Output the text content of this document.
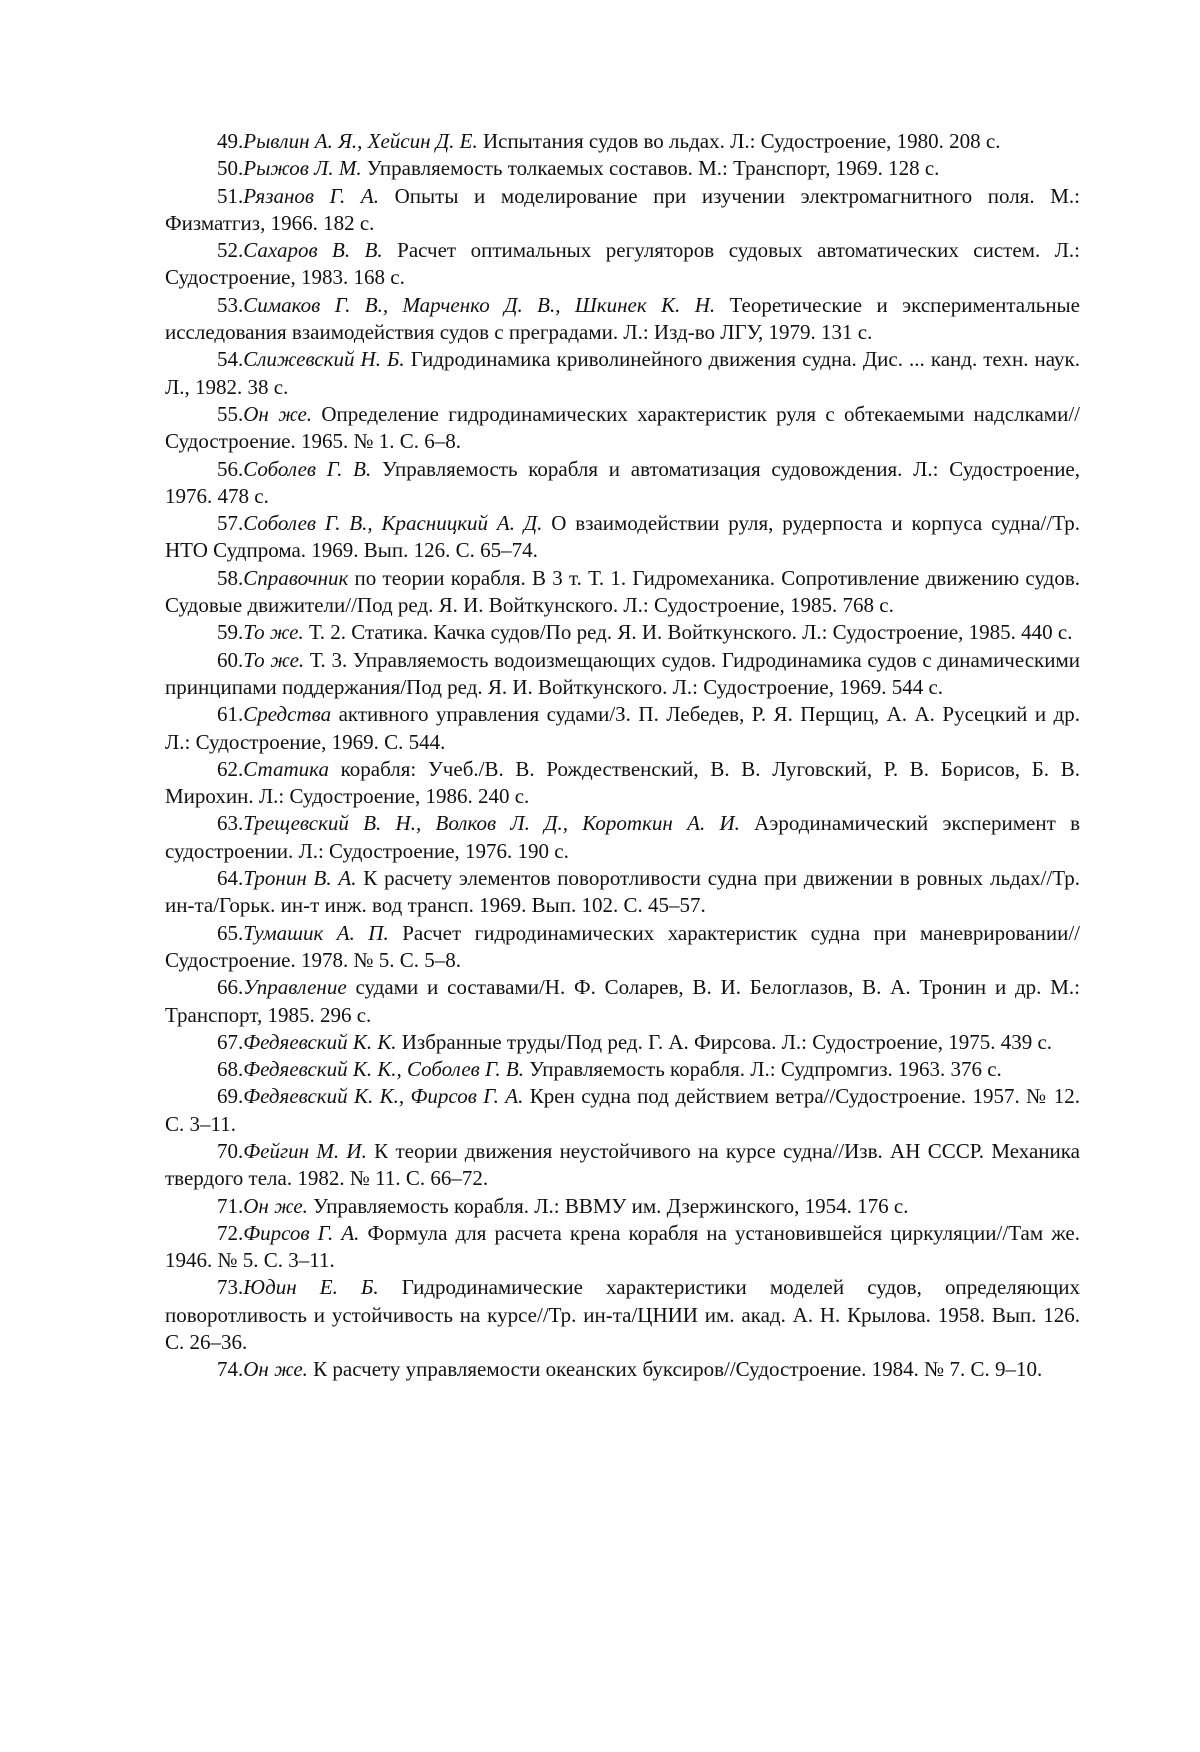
49.Рывлин А. Я., Хейсин Д. Е. Испытания судов во льдах. Л.: Судостроение, 1980. 208 с.

50.Рыжов Л. М. Управляемость толкаемых составов. М.: Транспорт, 1969. 128 с.

51.Рязанов Г. А. Опыты и моделирование при изучении электромагнитного поля. М.: Физматгиз, 1966. 182 с.

52.Сахаров В. В. Расчет оптимальных регуляторов судовых автоматических систем. Л.: Судостроение, 1983. 168 с.

53.Симаков Г. В., Марченко Д. В., Шкинек К. Н. Теоретические и экспериментальные исследования взаимодействия судов с преградами. Л.: Изд-во ЛГУ, 1979. 131 с.

54.Слижевский Н. Б. Гидродинамика криволинейного движения судна. Дис. ... канд. техн. наук. Л., 1982. 38 с.

55.Он же. Определение гидродинамических характеристик руля с обтекаемыми надслками//Судостроение. 1965. № 1. С. 6–8.

56.Соболев Г. В. Управляемость корабля и автоматизация судовождения. Л.: Судостроение, 1976. 478 с.

57.Соболев Г. В., Красницкий А. Д. О взаимодействии руля, рудерпоста и корпуса судна//Тр. НТО Судпрома. 1969. Вып. 126. С. 65–74.

58.Справочник по теории корабля. В 3 т. Т. 1. Гидромеханика. Сопротивление движению судов. Судовые движители//Под ред. Я. И. Войткунского. Л.: Судостроение, 1985. 768 с.

59.То же. Т. 2. Статика. Качка судов/По ред. Я. И. Войткунского. Л.: Судостроение, 1985. 440 с.

60.То же. Т. 3. Управляемость водоизмещающих судов. Гидродинамика судов с динамическими принципами поддержания/Под ред. Я. И. Войткунского. Л.: Судостроение, 1969. 544 с.

61.Средства активного управления судами/З. П. Лебедев, Р. Я. Перщиц, А. А. Русецкий и др. Л.: Судостроение, 1969. С. 544.

62.Статика корабля: Учеб./В. В. Рождественский, В. В. Луговский, Р. В. Борисов, Б. В. Мирохин. Л.: Судостроение, 1986. 240 с.

63.Трещевский В. Н., Волков Л. Д., Короткин А. И. Аэродинамический эксперимент в судостроении. Л.: Судостроение, 1976. 190 с.

64.Тронин В. А. К расчету элементов поворотливости судна при движении в ровных льдах//Тр. ин-та/Горьк. ин-т инж. вод трансп. 1969. Вып. 102. С. 45–57.

65.Тумашик А. П. Расчет гидродинамических характеристик судна при маневрировании//Судостроение. 1978. № 5. С. 5–8.

66.Управление судами и составами/Н. Ф. Соларев, В. И. Белоглазов, В. А. Тронин и др. М.: Транспорт, 1985. 296 с.

67.Федяевский К. К. Избранные труды/Под ред. Г. А. Фирсова. Л.: Судостроение, 1975. 439 с.

68.Федяевский К. К., Соболев Г. В. Управляемость корабля. Л.: Судпромгиз. 1963. 376 с.

69.Федяевский К. К., Фирсов Г. А. Крен судна под действием ветра//Судостроение. 1957. № 12. С. 3–11.

70.Фейгин М. И. К теории движения неустойчивого на курсе судна//Изв. АН СССР. Механика твердого тела. 1982. № 11. С. 66–72.

71.Он же. Управляемость корабля. Л.: ВВМУ им. Дзержинского, 1954. 176 с.

72.Фирсов Г. А. Формула для расчета крена корабля на установившейся циркуляции//Там же. 1946. № 5. С. 3–11.

73.Юдин Е. Б. Гидродинамические характеристики моделей судов, определяющих поворотливость и устойчивость на курсе//Тр. ин-та/ЦНИИ им. акад. А. Н. Крылова. 1958. Вып. 126. С. 26–36.

74.Он же. К расчету управляемости океанских буксиров//Судостроение. 1984. № 7. С. 9–10.
